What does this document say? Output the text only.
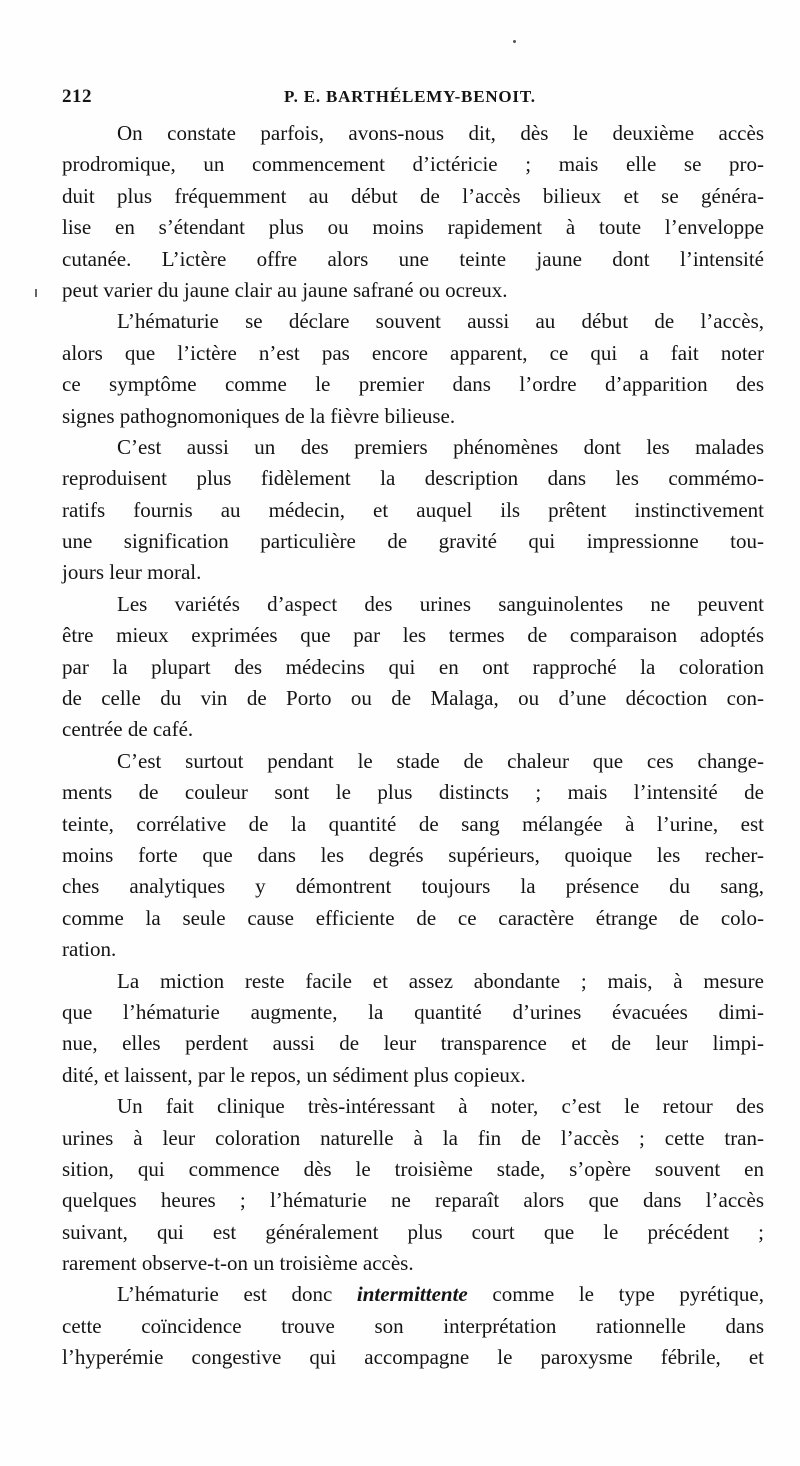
212	P. E. BARTHÉLEMY-BENOIT.
On constate parfois, avons-nous dit, dès le deuxième accès
prodromique, un commencement d’ictéricie ; mais elle se pro-
duit plus fréquemment au début de l’accès bilieux et se généra-
lise en s’étendant plus ou moins rapidement à toute l’enveloppe
cutanée. L’ictère offre alors une teinte jaune dont l’intensité
peut varier du jaune clair au jaune safrané ou ocreux.
L’hématurie se déclare souvent aussi au début de l’accès,
alors que l’ictère n’est pas encore apparent, ce qui a fait noter
ce symptôme comme le premier dans l’ordre d’apparition des
signes pathognomoniques de la fièvre bilieuse.
C’est aussi un des premiers phénomènes dont les malades
reproduisent plus fidèlement la description dans les commémo-
ratifs fournis au médecin, et auquel ils prêtent instinctivement
une signification particulière de gravité qui impressionne tou-
jours leur moral.
Les variétés d’aspect des urines sanguinolentes ne peuvent
être mieux exprimées que par les termes de comparaison adoptés
par la plupart des médecins qui en ont rapproché la coloration
de celle du vin de Porto ou de Malaga, ou d’une décoction con-
centrée de café.
C’est surtout pendant le stade de chaleur que ces change-
ments de couleur sont le plus distincts ; mais l’intensité de
teinte, corrélative de la quantité de sang mélangée à l’urine, est
moins forte que dans les degrés supérieurs, quoique les recher-
ches analytiques y démontrent toujours la présence du sang,
comme la seule cause efficiente de ce caractère étrange de colo-
ration.
La miction reste facile et assez abondante ; mais, à mesure
que l’hématurie augmente, la quantité d’urines évacuées dimi-
nue, elles perdent aussi de leur transparence et de leur limpi-
dité, et laissent, par le repos, un sédiment plus copieux.
Un fait clinique très-intéressant à noter, c’est le retour des
urines à leur coloration naturelle à la fin de l’accès ; cette tran-
sition, qui commence dès le troisième stade, s’opère souvent en
quelques heures ; l’hématurie ne reparaît alors que dans l’accès
suivant, qui est généralement plus court que le précédent ;
rarement observe-t-on un troisième accès.
L’hématurie est donc intermittente comme le type pyrétique,
cette coïncidence trouve son interprétation rationnelle dans
l’hyperémie congestive qui accompagne le paroxysme fébrile, et
